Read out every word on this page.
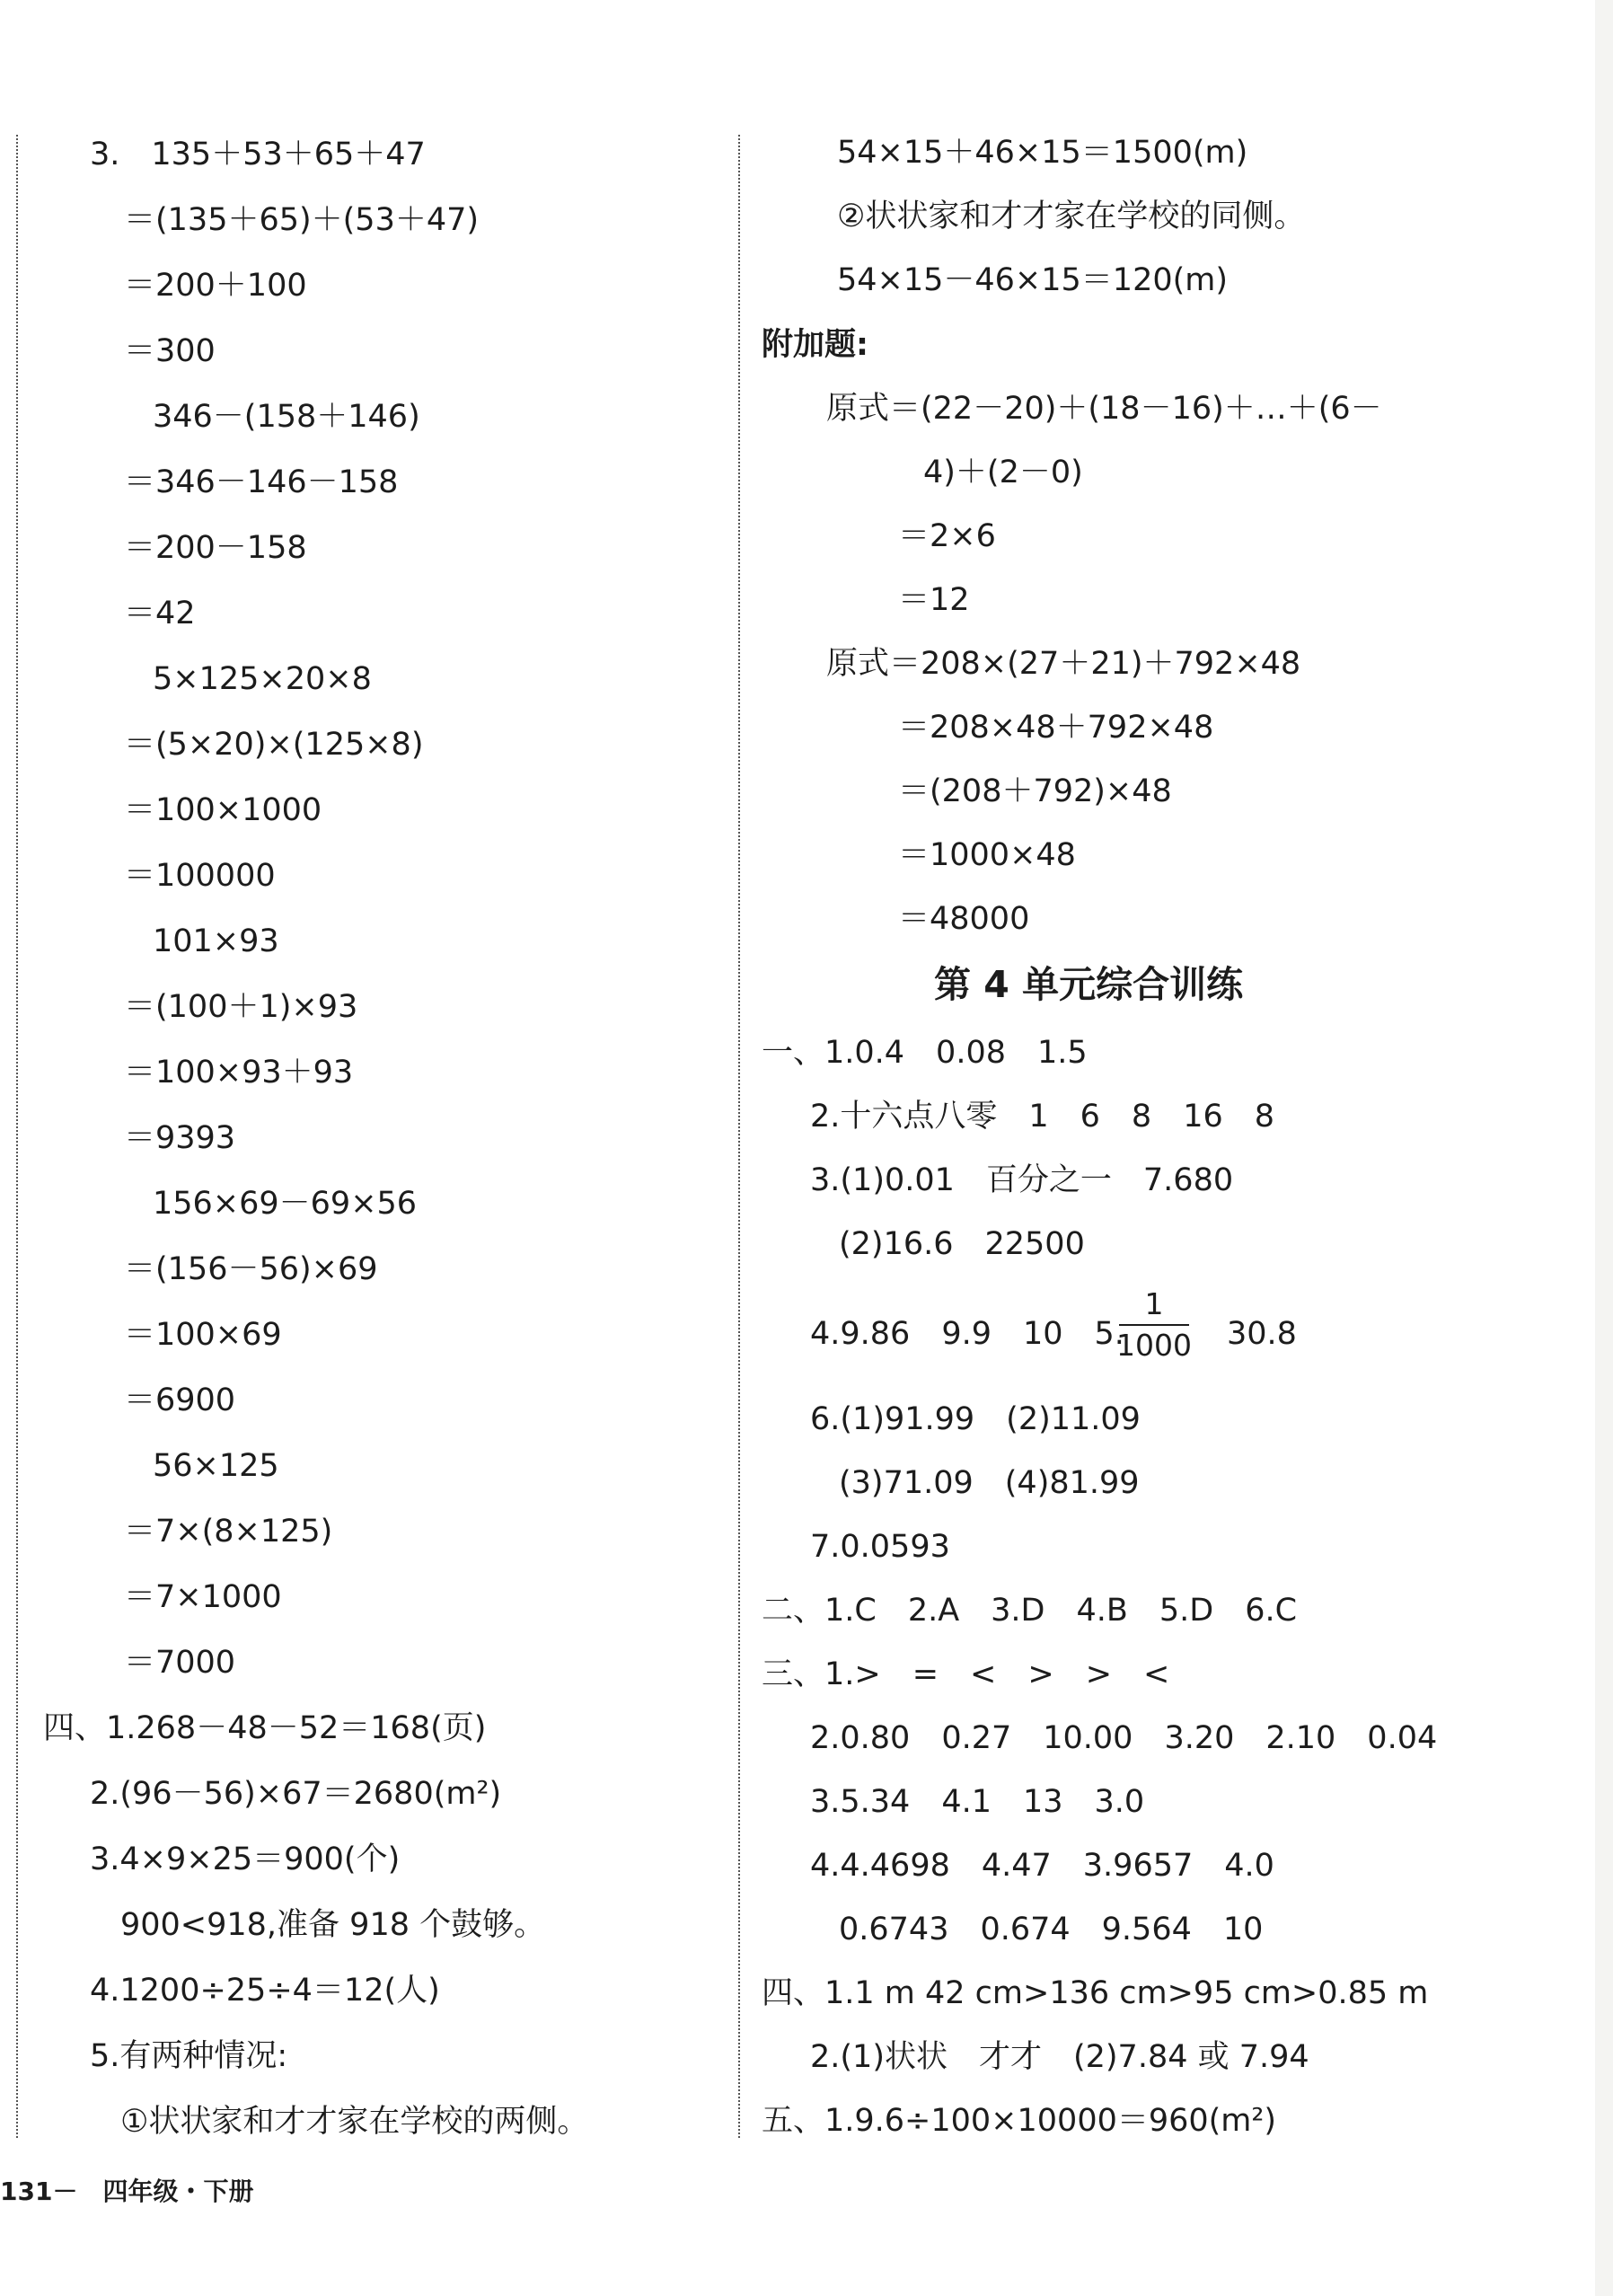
3.　135＋53＋65＋47
＝(135＋65)＋(53＋47)
＝200＋100
＝300
346－(158＋146)
＝346－146－158
＝200－158
＝42
5×125×20×8
＝(5×20)×(125×8)
＝100×1000
＝100000
101×93
＝(100＋1)×93
＝100×93＋93
＝9393
156×69－69×56
＝(156－56)×69
＝100×69
＝6900
56×125
＝7×(8×125)
＝7×1000
＝7000
四、1.268－48－52＝168(页)
2.(96－56)×67＝2680(m²)
3.4×9×25＝900(个)
900<918,准备 918 个鼓够。
4.1200÷25÷4＝12(人)
5.有两种情况:
①状状家和才才家在学校的两侧。
54×15＋46×15＝1500(m)
②状状家和才才家在学校的同侧。
54×15－46×15＝120(m)
附加题:
原式＝(22－20)＋(18－16)＋…＋(6－
4)＋(2－0)
＝2×6
＝12
原式＝208×(27＋21)＋792×48
＝208×48＋792×48
＝(208＋792)×48
＝1000×48
＝48000
第 4 单元综合训练
一、1.0.4　0.08　1.5
2.十六点八零　1　6　8　16　8
3.(1)0.01　百分之一　7.680
(2)16.6　22500
4.9.86　9.9　10　5.
1
1000 30.8
6.(1)91.99　(2)11.09
(3)71.09　(4)81.99
7.0.0593
二、1.C　2.A　3.D　4.B　5.D　6.C
三、1.>　=　<　>　>　<
2.0.80　0.27　10.00　3.20　2.10　0.04
3.5.34　4.1　13　3.0
4.4.4698　4.47　3.9657　4.0
0.6743　0.674　9.564　10
四、1.1 m 42 cm>136 cm>95 cm>0.85 m
2.(1)状状　才才　(2)7.84 或 7.94
五、1.9.6÷100×10000＝960(m²)
131－　四年级・下册
